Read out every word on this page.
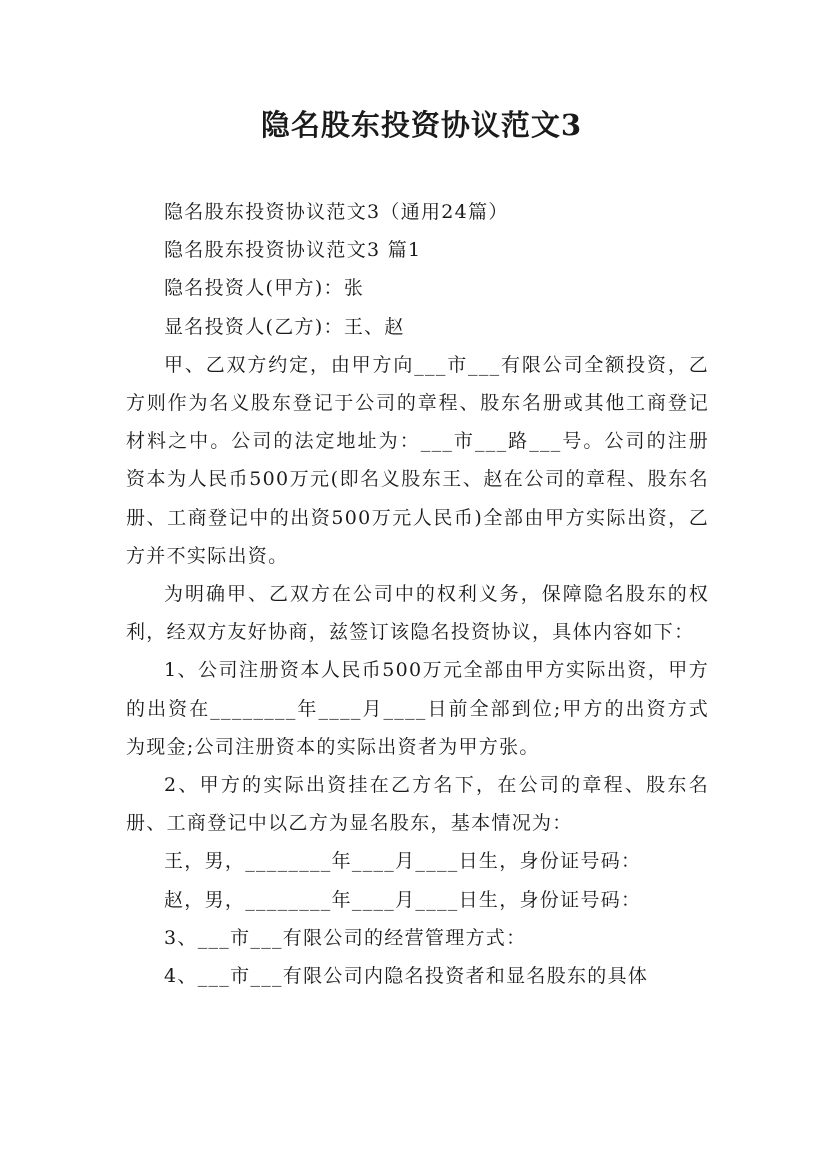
隐名股东投资协议范文3

隐名股东投资协议范文3（通用24篇）

隐名股东投资协议范文3 篇1

隐名投资人(甲方)：张

显名投资人(乙方)：王、赵

甲、乙双方约定，由甲方向___市___有限公司全额投资，乙方则作为名义股东登记于公司的章程、股东名册或其他工商登记材料之中。公司的法定地址为：___市___路___号。公司的注册资本为人民币500万元(即名义股东王、赵在公司的章程、股东名册、工商登记中的出资500万元人民币)全部由甲方实际出资，乙方并不实际出资。

为明确甲、乙双方在公司中的权利义务，保障隐名股东的权利，经双方友好协商，兹签订该隐名投资协议，具体内容如下：

1、公司注册资本人民币500万元全部由甲方实际出资，甲方的出资在________年____月____日前全部到位;甲方的出资方式为现金;公司注册资本的实际出资者为甲方张。

2、甲方的实际出资挂在乙方名下，在公司的章程、股东名册、工商登记中以乙方为显名股东，基本情况为：

王，男，________年____月____日生，身份证号码：

赵，男，________年____月____日生，身份证号码：

3、___市___有限公司的经营管理方式：

4、___市___有限公司内隐名投资者和显名股东的具体
